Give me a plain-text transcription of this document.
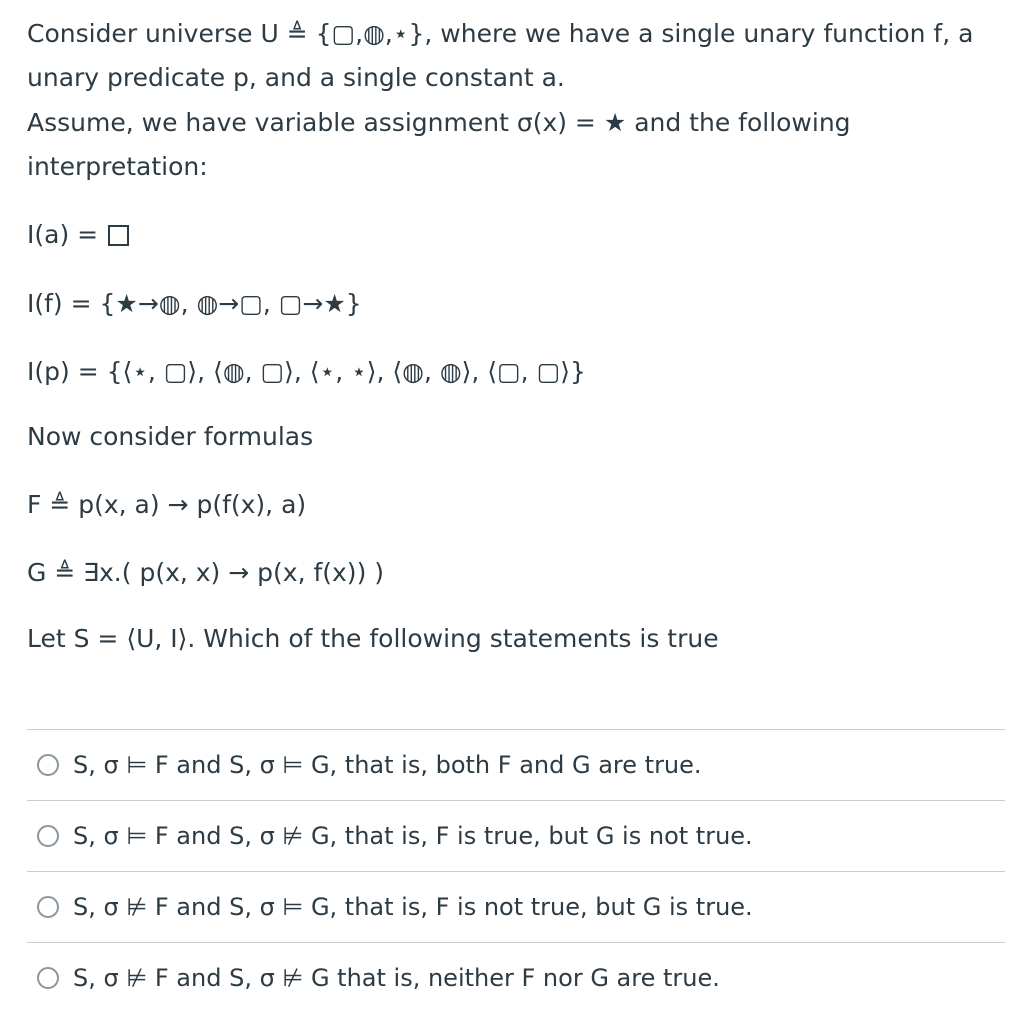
Consider universe U ≜ {▢,◍,⋆}, where we have a single unary function f, a

unary predicate p, and a single constant a.

Assume, we have variable assignment σ(x) = ★ and the following

interpretation:

I(a) =

I(f) = {★→◍, ◍→▢, ▢→★}

I(p) = {⟨⋆, ▢⟩, ⟨◍, ▢⟩, ⟨⋆, ⋆⟩, ⟨◍, ◍⟩, ⟨▢, ▢⟩}

Now consider formulas

F ≜ p(x, a) → p(f(x), a)

G ≜ ∃x.( p(x, x) → p(x, f(x)) )

Let S = ⟨U, I⟩. Which of the following statements is true

S, σ ⊨ F and S, σ ⊨ G, that is, both F and G are true.
S, σ ⊨ F and S, σ ⊭ G, that is, F is true, but G is not true.
S, σ ⊭ F and S, σ ⊨ G, that is, F is not true, but G is true.
S, σ ⊭ F and S, σ ⊭ G that is, neither F nor G are true.
